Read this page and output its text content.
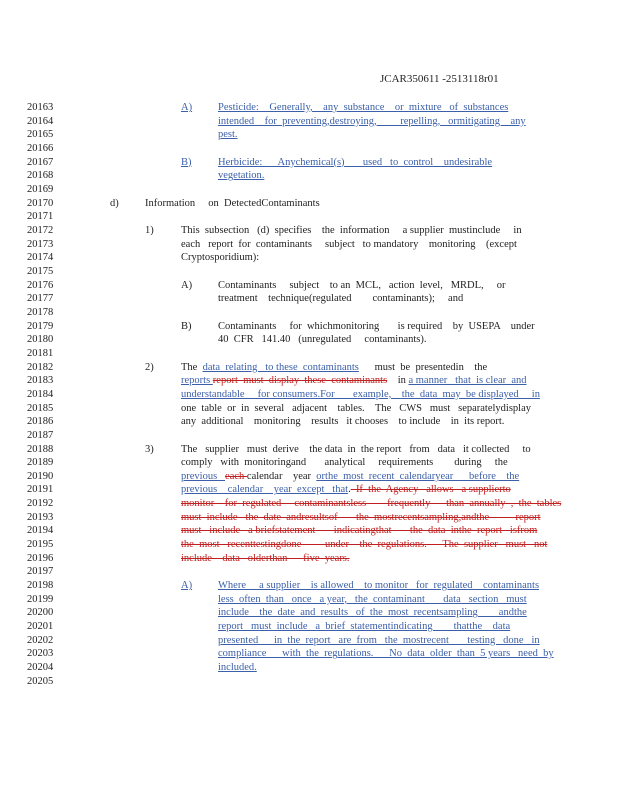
JCAR350611 -2513118r01
20163	A) Pesticide:    Generally,    any  substance    or  mixture   of  substances
20164	intended    for  preventing,destroying,         repelling,   ormitigating    any
20165	pest.
20166
20167	B)	Herbicide:      Anychemical(s)       used   to  control    undesirable
20168	vegetation.
20169
20170	d)	Information     on  DetectedContaminants
20171
20172	1)	This  subsection   (d)  specifies    the  information     a supplier  mustinclude     in
20173	each   report  for  contaminants     subject   to mandatory    monitoring    (except
20174	Cryptosporidium):
20175
20176	A) Contaminants     subject    to an  MCL,   action  level,   MRDL,     or
20177	treatment    technique(regulated        contaminants);     and
20178
20179	B)	Contaminants     for  whichmonitoring       is required    by  USEPA    under
20180	40  CFR   141.40   (unregulated     contaminants).
20181
20182	2)	The  data  relating   to these  contaminants      must  be  presentedin    the
20183	reports report  must  display  these  contaminants    in a manner   that  is clear  and
20184	understandable     for consumers.For       example,    the  data  may  be displayed     in
20185	one  table  or  in  several   adjacent    tables.    The   CWS   must   separatelydisplay
20186	any  additional    monitoring    results   it chooses    to include    in  its report.
20187
20188	3)	The   supplier   must  derive    the data  in  the report   from   data   it collected     to
20189	comply   with  monitoringand       analytical     requirements        during     the
20190	previous   each calendar    year  orthe  most  recent  calendaryear      before    the
20191	previous    calendar    year  except   that.  If  the  Agency   allows   a supplierto
20192	monitor    for  regulated     contaminantsless        frequently      than  annually  ,  the  tables
20193	must  include   the  date  andresultsof       the  mostrecentsampling,andthe          report
20194	must   include   a briefstatement       indicatingthat       the  data  inthe  report   isfrom
20195	the  most   recenttestingdone         under    the  regulations.      The  supplier   must   not
20196	include    data   olderthan      five  years.
20197
20198	A) Where     a supplier    is allowed    to monitor   for  regulated    contaminants
20199	less  often  than   once   a year,   the  contaminant       data   section   must
20200	include    the  date  and  results   of  the  most  recentsampling        andthe
20201	report   must  include   a  brief  statementindicating        thatthe    data
20202	presented      in  the  report   are  from   the  mostrecent       testing   done   in
20203	compliance      with  the  regulations.      No  data  older  than  5 years   need  by
20204	included.
20205
